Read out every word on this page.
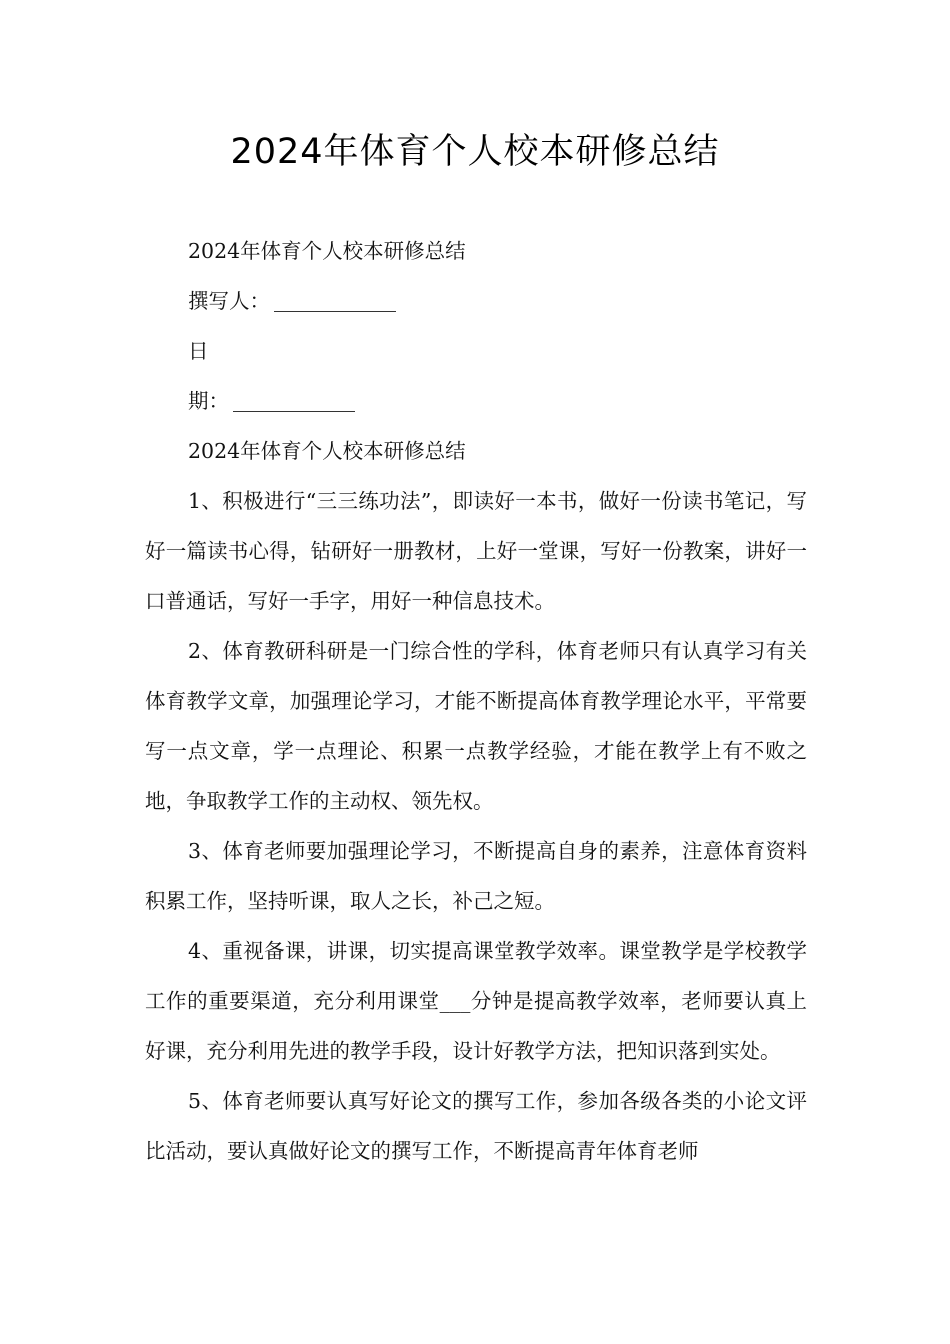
2024年体育个人校本研修总结

2024年体育个人校本研修总结

撰写人：

日

期：

2024年体育个人校本研修总结

1、积极进行“三三练功法”，即读好一本书，做好一份读书笔记，写好一篇读书心得，钻研好一册教材，上好一堂课，写好一份教案，讲好一口普通话，写好一手字，用好一种信息技术。

2、体育教研科研是一门综合性的学科，体育老师只有认真学习有关体育教学文章，加强理论学习，才能不断提高体育教学理论水平，平常要写一点文章，学一点理论、积累一点教学经验，才能在教学上有不败之地，争取教学工作的主动权、领先权。

3、体育老师要加强理论学习，不断提高自身的素养，注意体育资料积累工作，坚持听课，取人之长，补己之短。

4、重视备课，讲课，切实提高课堂教学效率。课堂教学是学校教学工作的重要渠道，充分利用课堂___分钟是提高教学效率，老师要认真上好课，充分利用先进的教学手段，设计好教学方法，把知识落到实处。

5、体育老师要认真写好论文的撰写工作，参加各级各类的小论文评比活动，要认真做好论文的撰写工作，不断提高青年体育老师
